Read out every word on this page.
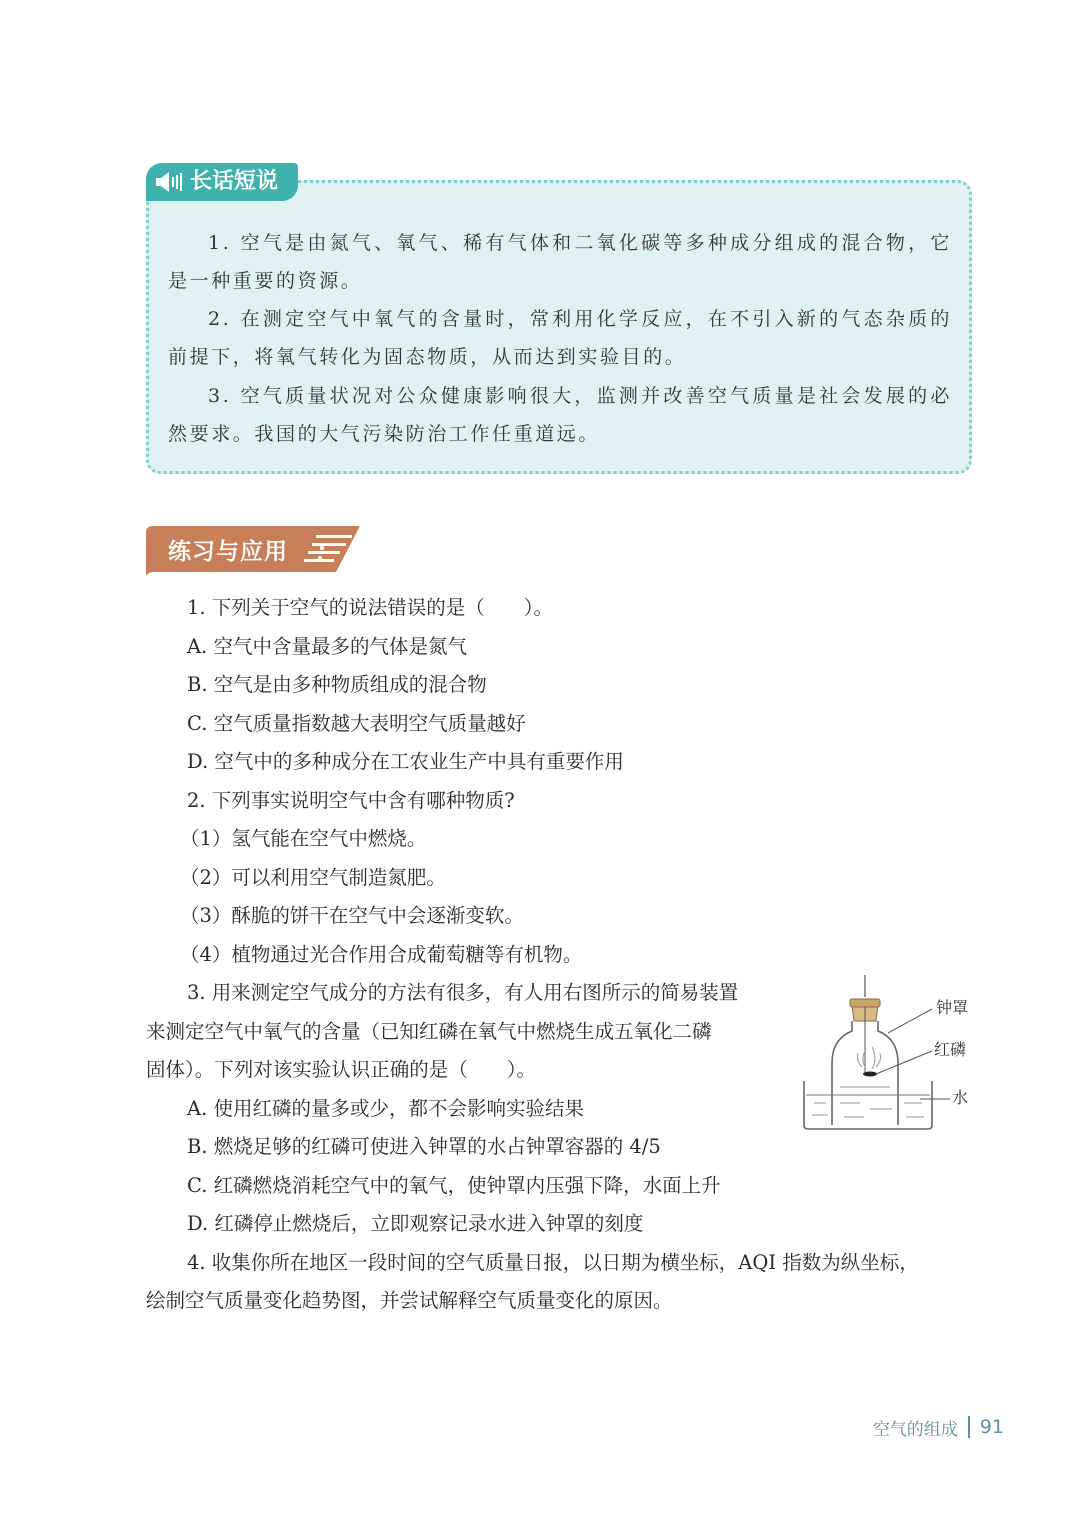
长话短说

1. 空气是由氮气、氧气、稀有气体和二氧化碳等多种成分组成的混合物，它是一种重要的资源。

2. 在测定空气中氧气的含量时，常利用化学反应，在不引入新的气态杂质的前提下，将氧气转化为固态物质，从而达到实验目的。

3. 空气质量状况对公众健康影响很大，监测并改善空气质量是社会发展的必然要求。我国的大气污染防治工作任重道远。

练习与应用

1. 下列关于空气的说法错误的是（　　）。

A. 空气中含量最多的气体是氮气

B. 空气是由多种物质组成的混合物

C. 空气质量指数越大表明空气质量越好

D. 空气中的多种成分在工农业生产中具有重要作用

2. 下列事实说明空气中含有哪种物质?

（1）氢气能在空气中燃烧。

（2）可以利用空气制造氮肥。

（3）酥脆的饼干在空气中会逐渐变软。

（4）植物通过光合作用合成葡萄糖等有机物。

3. 用来测定空气成分的方法有很多，有人用右图所示的简易装置

来测定空气中氧气的含量（已知红磷在氧气中燃烧生成五氧化二磷

固体）。下列对该实验认识正确的是（　　）。

A. 使用红磷的量多或少，都不会影响实验结果

B. 燃烧足够的红磷可使进入钟罩的水占钟罩容器的 4/5

C. 红磷燃烧消耗空气中的氧气，使钟罩内压强下降，水面上升

D. 红磷停止燃烧后，立即观察记录水进入钟罩的刻度

钟罩
红磷
水

4. 收集你所在地区一段时间的空气质量日报，以日期为横坐标，AQI 指数为纵坐标，

绘制空气质量变化趋势图，并尝试解释空气质量变化的原因。

空气的组成 91
